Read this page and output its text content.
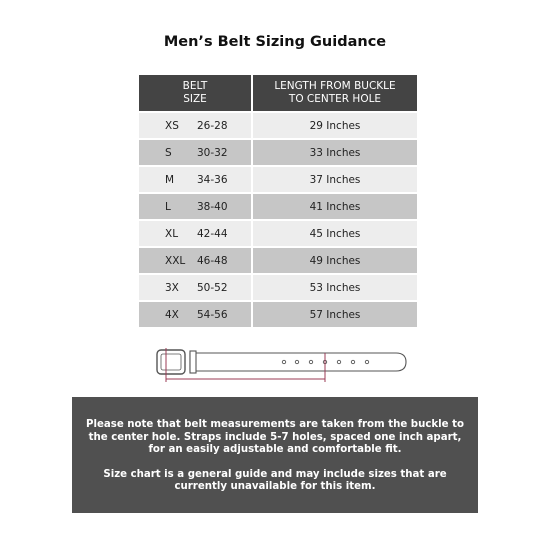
Men’s Belt Sizing Guidance
BELT
SIZE	LENGTH FROM BUCKLE
TO CENTER HOLE

XS 26-28	29 Inches

S 30-32	33 Inches

M 34-36	37 Inches

L 38-40	41 Inches

XL 42-44	45 Inches

XXL 46-48	49 Inches

3X 50-52	53 Inches

4X 54-56	57 Inches

Please note that belt measurements are taken from the buckle to the center hole. Straps include 5-7 holes, spaced one inch apart, for an easily adjustable and comfortable fit.

Size chart is a general guide and may include sizes that are currently unavailable for this item.
